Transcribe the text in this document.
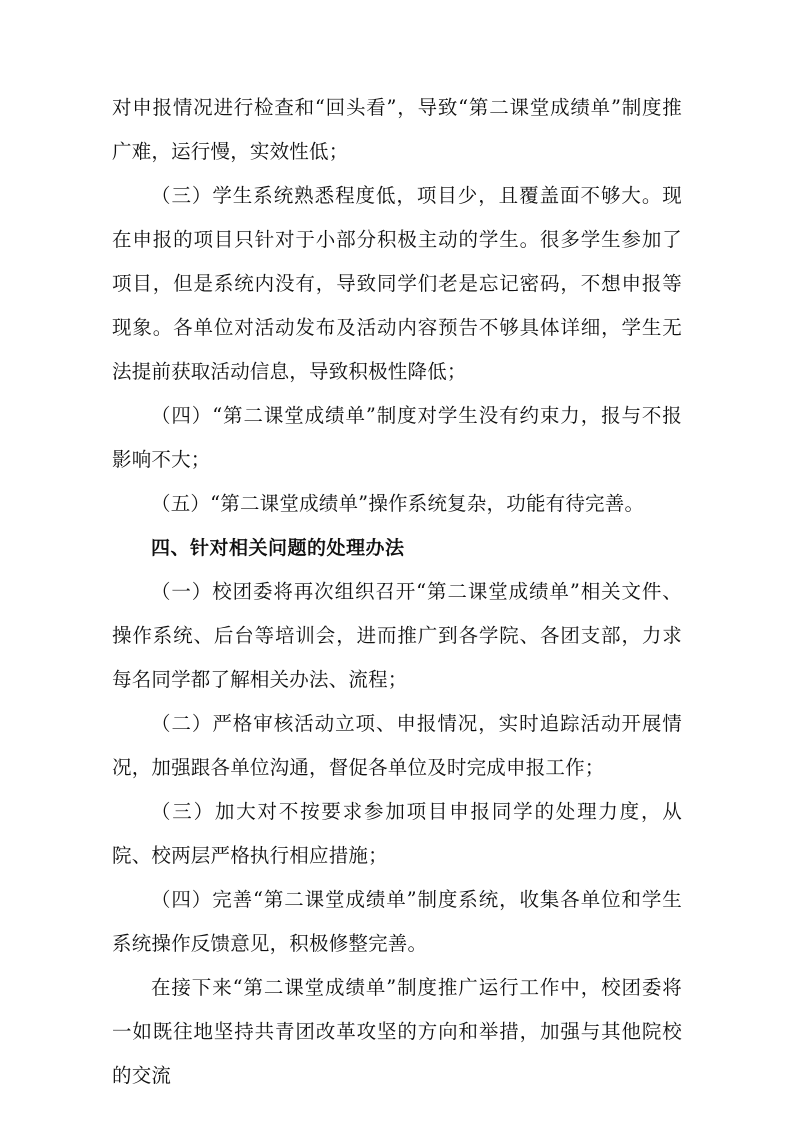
对申报情况进行检查和“回头看”，导致“第二课堂成绩单”制度推广难，运行慢，实效性低；

（三）学生系统熟悉程度低，项目少，且覆盖面不够大。现在申报的项目只针对于小部分积极主动的学生。很多学生参加了项目，但是系统内没有，导致同学们老是忘记密码，不想申报等现象。各单位对活动发布及活动内容预告不够具体详细，学生无法提前获取活动信息，导致积极性降低；

（四）“第二课堂成绩单”制度对学生没有约束力，报与不报影响不大；

（五）“第二课堂成绩单”操作系统复杂，功能有待完善。

四、针对相关问题的处理办法

（一）校团委将再次组织召开“第二课堂成绩单”相关文件、操作系统、后台等培训会，进而推广到各学院、各团支部，力求每名同学都了解相关办法、流程；

（二）严格审核活动立项、申报情况，实时追踪活动开展情况，加强跟各单位沟通，督促各单位及时完成申报工作；

（三）加大对不按要求参加项目申报同学的处理力度，从院、校两层严格执行相应措施；

（四）完善“第二课堂成绩单”制度系统，收集各单位和学生系统操作反馈意见，积极修整完善。

在接下来“第二课堂成绩单”制度推广运行工作中，校团委将一如既往地坚持共青团改革攻坚的方向和举措，加强与其他院校的交流
